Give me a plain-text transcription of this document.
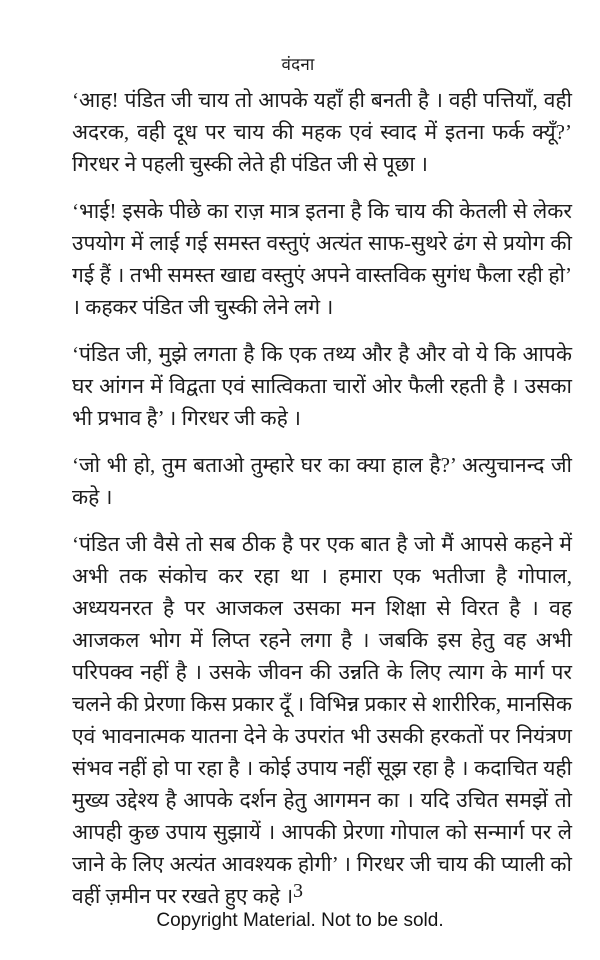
वंदना

‘आह! पंडित जी चाय तो आपके यहाँ ही बनती है । वही पत्तियाँ, वही अदरक, वही दूध पर चाय की महक एवं स्वाद में इतना फर्क क्यूँ?’ गिरधर ने पहली चुस्की लेते ही पंडित जी से पूछा ।

‘भाई! इसके पीछे का राज़ मात्र इतना है कि चाय की केतली से लेकर उपयोग में लाई गई समस्त वस्तुएं अत्यंत साफ-सुथरे ढंग से प्रयोग की गई हैं । तभी समस्त खाद्य वस्तुएं अपने वास्तविक सुगंध फैला रही हो’ । कहकर पंडित जी चुस्की लेने लगे ।

‘पंडित जी, मुझे लगता है कि एक तथ्य और है और वो ये कि आपके घर आंगन में विद्वता एवं सात्विकता चारों ओर फैली रहती है । उसका भी प्रभाव है’ । गिरधर जी कहे ।

‘जो भी हो, तुम बताओ तुम्हारे घर का क्या हाल है?’ अत्युचानन्द जी कहे ।

‘पंडित जी वैसे तो सब ठीक है पर एक बात है जो मैं आपसे कहने में अभी तक संकोच कर रहा था । हमारा एक भतीजा है गोपाल, अध्ययनरत है पर आजकल उसका मन शिक्षा से विरत है । वह आजकल भोग में लिप्त रहने लगा है । जबकि इस हेतु वह अभी परिपक्व नहीं है । उसके जीवन की उन्नति के लिए त्याग के मार्ग पर चलने की प्रेरणा किस प्रकार दूँ । विभिन्न प्रकार से शारीरिक, मानसिक एवं भावनात्मक यातना देने के उपरांत भी उसकी हरकतों पर नियंत्रण संभव नहीं हो पा रहा है । कोई उपाय नहीं सूझ रहा है । कदाचित यही मुख्य उद्देश्य है आपके दर्शन हेतु आगमन का । यदि उचित समझें तो आपही कुछ उपाय सुझायें । आपकी प्रेरणा गोपाल को सन्मार्ग पर ले जाने के लिए अत्यंत आवश्यक होगी’ । गिरधर जी चाय की प्याली को वहीं ज़मीन पर रखते हुए कहे । 3
Copyright Material. Not to be sold.
